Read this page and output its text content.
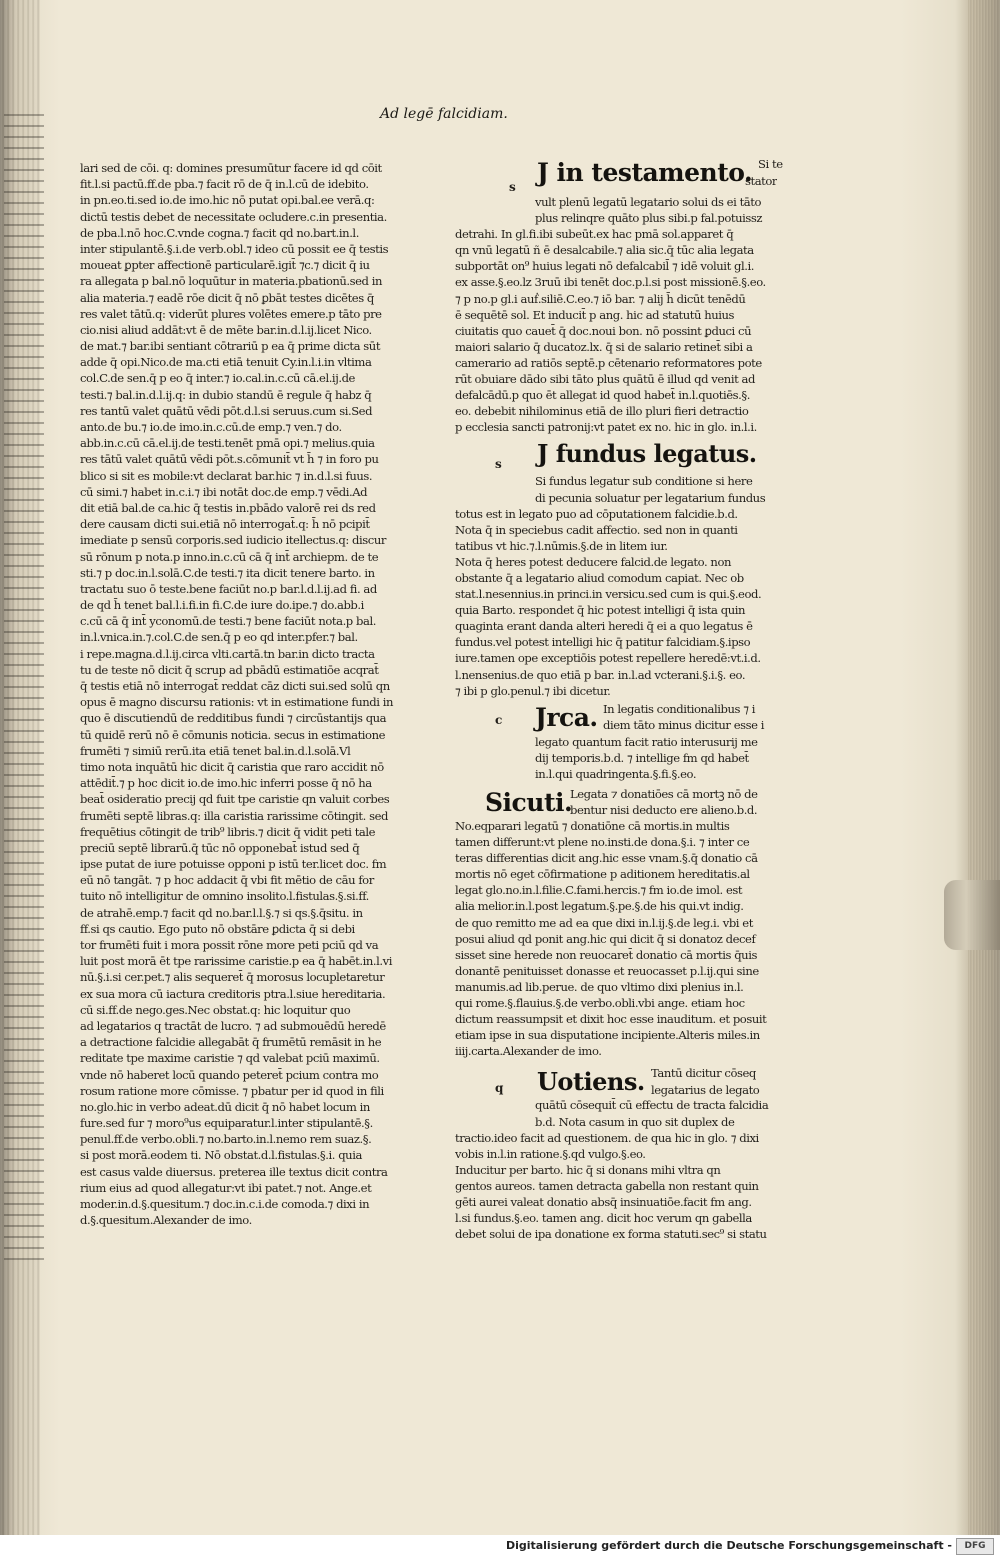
Ad legē falcidiam.
lari sed de cōi. q: domines presumūtur facere id qd cōit
fit.l.si pactū.ff.de pba.⁊ facit rō de q̄ in.l.cū de idebito.
in pn.eo.ti.sed io.de imo.hic nō putat opi.bal.ee verā.q:
dictū testis debet de necessitate ocludere.c.in presentia.
de pba.l.nō hoc.C.vnde cogna.⁊ facit qd no.bart.in.l.
inter stipulantē.§.i.de verb.obl.⁊ ideo cū possit ee q̄ testis
moueat ꝑpter affectionē particularē.igit̄ ⁊c.⁊ dicit q̄ iu
ra allegata p bal.nō loquūtur in materia.pbationū.sed in
alia materia.⁊ eadē rōe dicit q̄ nō ꝑbāt testes dicētes q̄
res valet tātū.q: viderūt plures volētes emere.p tāto pre
cio.nisi aliud addāt:vt ē de mēte bar.in.d.l.ij.licet Nico.
de mat.⁊ bar.ibi sentiant cōtrariū p ea q̄ prime dicta sūt
adde q̄ opi.Nico.de ma.cti etiā tenuit Cy.in.l.i.in vltima
col.C.de sen.q̄ p eo q̄ inter.⁊ io.cal.in.c.cū cā.el.ij.de
testi.⁊ bal.in.d.l.ij.q: in dubio standū ē regule q̄ habz q̄
res tantū valet quātū vēdi pōt.d.l.si seruus.cum si.Sed
anto.de bu.⁊ io.de imo.in.c.cū.de emp.⁊ ven.⁊ do.
abb.in.c.cū cā.el.ij.de testi.tenēt pmā opi.⁊ melius.quia
res tātū valet quātū vēdi pōt.s.cōmunit̄ vt h̄ ⁊ in foro pu
blico si sit es mobile:vt declarat bar.hic ⁊ in.d.l.si fuus.
cū simi.⁊ habet in.c.i.⁊ ibi notāt doc.de emp.⁊ vēdi.Ad
dit etiā bal.de ca.hic q̄ testis in.pbādo valorē rei ds red
dere causam dicti sui.etiā nō interrogat̄.q: h̄ nō pcipit̄
imediate p sensū corporis.sed iudicio itellectus.q: discur
sū rōnum p nota.p inno.in.c.cū cā q̄ int̄ archiepm. de te
sti.⁊ p doc.in.l.solā.C.de testi.⁊ ita dicit tenere barto. in
tractatu suo ō teste.bene faciūt no.p bar.l.d.l.ij.ad fi. ad
de qd h̄ tenet bal.l.i.fi.in fi.C.de iure do.ipe.⁊ do.abb.i
c.cū cā q̄ int̄ yconomū.de testi.⁊ bene faciūt nota.p bal.
in.l.vnica.in.⁊.col.C.de sen.q̄ p eo qd inter.pfer.⁊ bal.
i repe.magna.d.l.ij.circa vlti.cartā.tn bar.in dicto tracta
tu de teste nō dicit q̄ scrup ad pbādū estimatiōe acqrat̄
q̄ testis etiā nō interrogat̄ reddat cāz dicti sui.sed solū qn
opus ē magno discursu rationis: vt in estimatione fundi in
quo ē discutiendū de redditibus fundi ⁊ circūstantijs qua
tū quidē rerū nō ē cōmunis noticia. secus in estimatione
frumēti ⁊ simiū rerū.ita etiā tenet bal.in.d.l.solā.Vl
timo nota inquātū hic dicit q̄ caristia que raro accidit nō
attēdit̄.⁊ p hoc dicit io.de imo.hic inferri posse q̄ nō ha
beat̄ osideratio precij qd fuit tpe caristie qn valuit corbes
frumēti septē libras.q: illa caristia rarissime cōtingit. sed
frequētius cōtingit de trib⁹ libris.⁊ dicit q̄ vidit peti tale
preciū septē librarū.q̄ tūc nō opponebat̄ istud sed q̄
ipse putat de iure potuisse opponi p istū ter.licet doc. fm
eū nō tangāt. ⁊ p hoc addacit q̄ vbi fit mētio de cāu for
tuito nō intelligitur de omnino insolito.l.fistulas.§.si.ff.
de atrahē.emp.⁊ facit qd no.bar.l.l.§.⁊ si qs.§.q̄situ. in
ff.si qs cautio. Ego puto nō obstāre ꝑdicta q̄ si debi
tor frumēti fuit i mora possit rōne more peti pciū qd va
luit post morā ēt tpe rarissime caristie.p ea q̄ habēt.in.l.vi
nū.§.i.si cer.pet.⁊ alis sequeret̄ q̄ morosus locupletaretur
ex sua mora cū iactura creditoris ptra.l.siue hereditaria.
cū si.ff.de nego.ges.Nec obstat.q: hic loquitur quo
ad legatarios q tractāt de lucro. ⁊ ad submouēdū heredē
a detractione falcidie allegabāt q̄ frumētū remāsit in he
reditate tpe maxime caristie ⁊ qd valebat pciū maximū.
vnde nō haberet locū quando peteret̄ pcium contra mo
rosum ratione more cōmisse. ⁊ pbatur per id quod in fili
no.glo.hic in verbo adeat.dū dicit q̄ nō habet locum in
fure.sed fur ⁊ moro⁹us equiparatur.l.inter stipulantē.§.
penul.ff.de verbo.obli.⁊ no.barto.in.l.nemo rem suaz.§.
si post morā.eodem ti. Nō obstat.d.l.fistulas.§.i. quia
est casus valde diuersus. preterea ille textus dicit contra
rium eius ad quod allegatur:vt ibi patet.⁊ not. Ange.et
moder.in.d.§.quesitum.⁊ doc.in.c.i.de comoda.⁊ dixi in
d.§.quesitum.Alexander de imo.
s J in testamento. Si te
stator
vult plenū legatū legatario solui ds ei tāto
plus relinqre quāto plus sibi.p fal.potuissz
detrahi. In gl.fi.ibi subeūt.ex hac pmā sol.apparet q̄
qn vnū legatū ñ ē desalcabile.⁊ alia sic.q̄ tūc alia legata
subportāt on⁹ huius legati nō defalcabil̄ ⁊ idē voluit gl.i.
ex asse.§.eo.lz 3ruū ibi tenēt doc.p.l.si post missionē.§.eo.
⁊ p no.p gl.i auḟ.siliē.C.eo.⁊ iō bar. ⁊ alij h̄ dicūt tenēdū
ē sequētē sol. Et inducit̄ p ang. hic ad statutū huius
ciuitatis quo cauet̄ q̄ doc.noui bon. nō possint ꝑduci cū
maiori salario q̄ ducatoz.lx. q̄ si de salario retinet̄ sibi a
camerario ad ratiōs septē.p cētenario reformatores pote
rūt obuiare dādo sibi tāto plus quātū ē illud qd venit ad
defalcādū.p quo ēt allegat id quod habet̄ in.l.quotiēs.§.
eo. debebit nihilominus etiā de illo pluri fieri detractio
p ecclesia sancti patronij:vt patet ex no. hic in glo. in.l.i.
s J fundus legatus.
Si fundus legatur sub conditione si here
di pecunia soluatur per legatarium fundus
totus est in legato puo ad cōputationem falcidie.b.d.
Nota q̄ in speciebus cadit affectio. sed non in quanti
tatibus vt hic.⁊.l.nūmis.§.de in litem iur.
Nota q̄ heres potest deducere falcid.de legato. non
obstante q̄ a legatario aliud comodum capiat. Nec ob
stat.l.nesennius.in princi.in versicu.sed cum is qui.§.eod.
quia Barto. respondet q̄ hic potest intelligi q̄ ista quin
quaginta erant danda alteri heredi q̄ ei a quo legatus ē
fundus.vel potest intelligi hic q̄ patitur falcidiam.§.ipso
iure.tamen ope exceptiōis potest repellere heredē:vt.i.d.
l.nensenius.de quo etiā p bar. in.l.ad vcterani.§.i.§. eo.
⁊ ibi p glo.penul.⁊ ibi dicetur.
c Jrca. In legatis conditionalibus ⁊ i
diem tāto minus dicitur esse i
legato quantum facit ratio interusurij me
dij temporis.b.d. ⁊ intellige fm qd habet̄
in.l.qui quadringenta.§.fi.§.eo.
Sicuti.
Legata ⁊ donatiōes cā mortꝫ nō de
bentur nisi deducto ere alieno.b.d.
No.eqparari legatū ⁊ donatiōne cā mortis.in multis
tamen differunt:vt plene no.insti.de dona.§.i. ⁊ inter ce
teras differentias dicit ang.hic esse vnam.§.q̄ donatio cā
mortis nō eget cōfirmatione p aditionem hereditatis.al
legat glo.no.in.l.filie.C.fami.hercis.⁊ fm io.de imol. est
alia melior.in.l.post legatum.§.pe.§.de his qui.vt indig.
de quo remitto me ad ea que dixi in.l.ij.§.de leg.i. vbi et
posui aliud qd ponit ang.hic qui dicit q̄ si donatoz decef
sisset sine herede non reuocaret̄ donatio cā mortis q̄uis
donantē penituisset donasse et reuocasset p.l.ij.qui sine
manumis.ad lib.perue. de quo vltimo dixi plenius in.l.
qui rome.§.flauius.§.de verbo.obli.vbi ange. etiam hoc
dictum reassumpsit et dixit hoc esse inauditum. et posuit
etiam ipse in sua disputatione incipiente.Alteris miles.in
iiij.carta.Alexander de imo.
q Uotiens. Tantū dicitur cōseq
legatarius de legato
quātū cōsequit̄ cū effectu de tracta falcidia
b.d. Nota casum in quo sit duplex de
tractio.ideo facit ad questionem. de qua hic in glo. ⁊ dixi
vobis in.l.in ratione.§.qd vulgo.§.eo.
Inducitur per barto. hic q̄ si donans mihi vltra qn
gentos aureos. tamen detracta gabella non restant quin
gēti aurei valeat donatio absq̄ insinuatiōe.facit fm ang.
l.si fundus.§.eo. tamen ang. dicit hoc verum qn gabella
debet solui de ipa donatione ex forma statuti.sec⁹ si statu
Digitalisierung gefördert durch die Deutsche Forschungsgemeinschaft -	DFG
